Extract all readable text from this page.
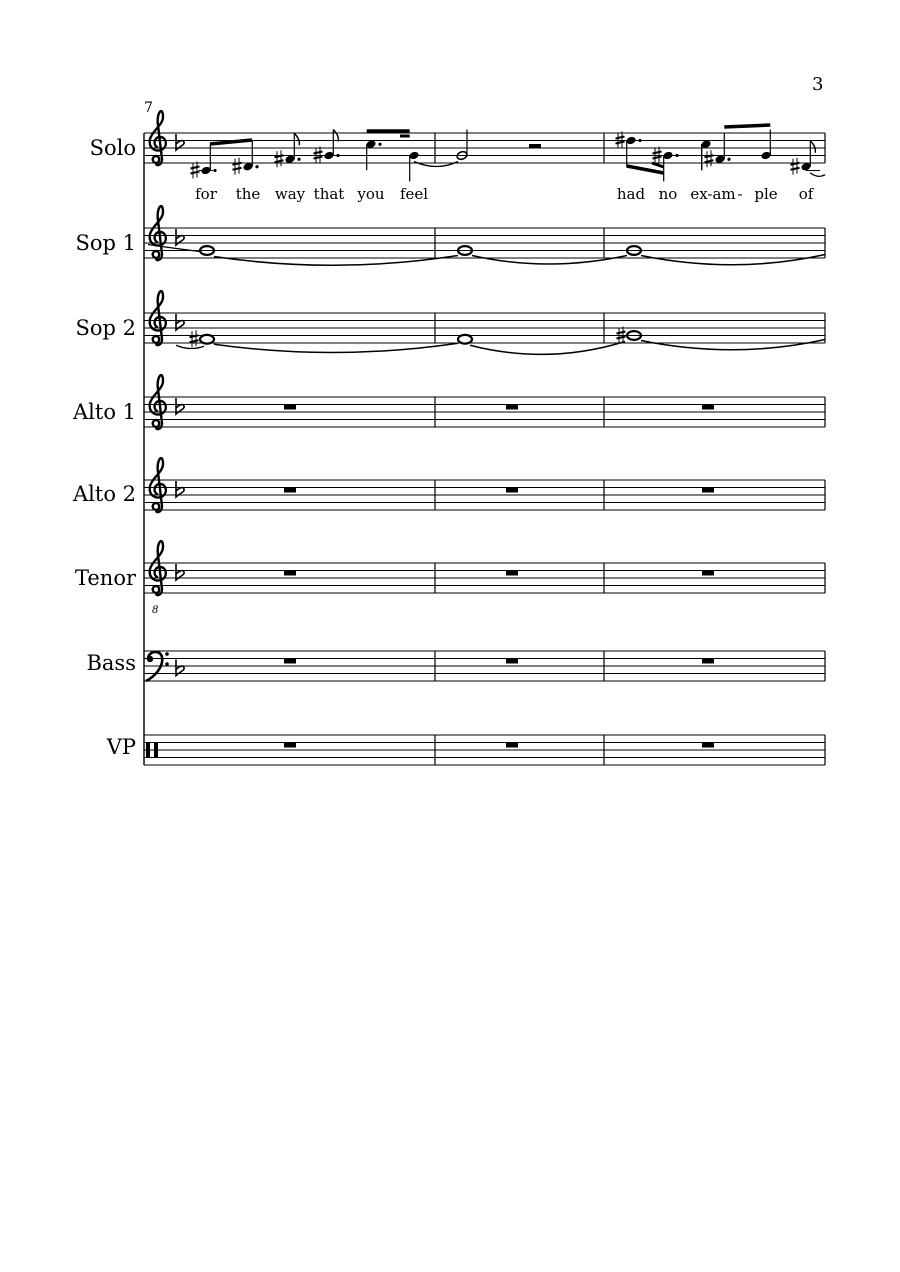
3
7
Solo
Sop 1
Sop 2
Alto 1
Alto 2
Tenor
Bass
VP
for the way that you feel	had no ex-am - ple of
8
